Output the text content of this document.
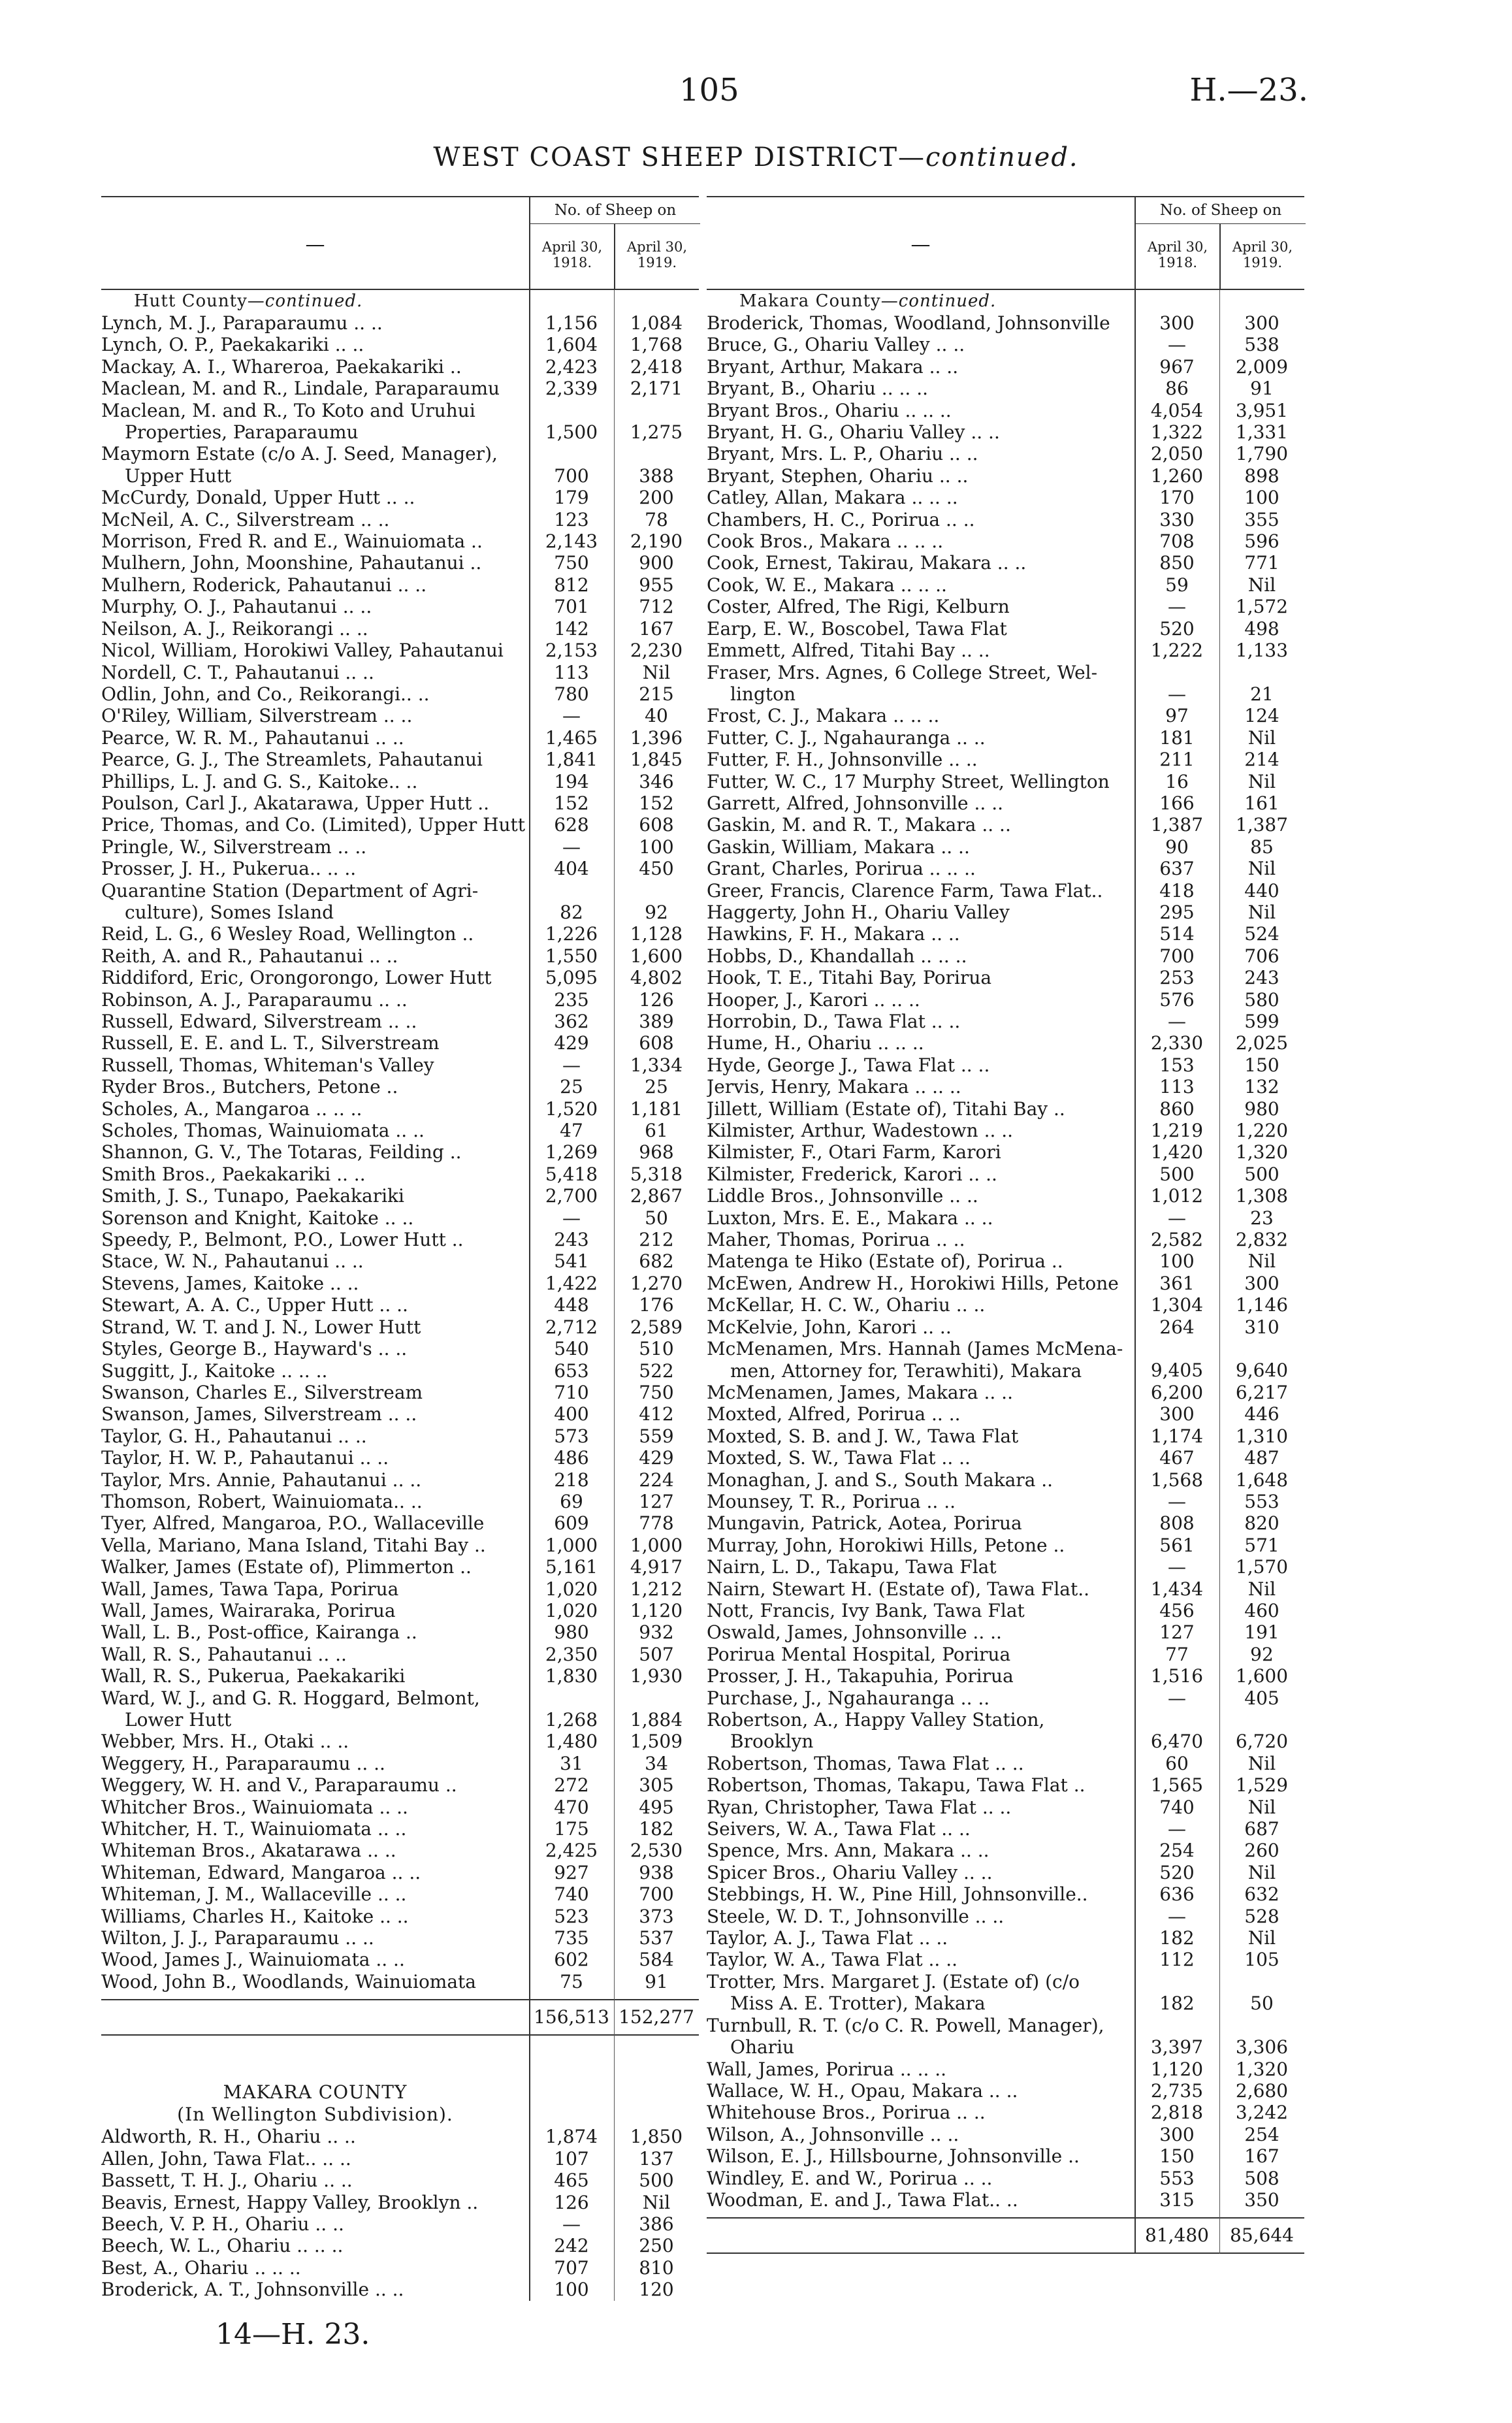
105	H.—23.
WEST COAST SHEEP DISTRICT—continued.
—
No. of Sheep on
April 30, 1918.
April 30, 1919.
Hutt County—continued.
Lynch, M. J., Paraparaumu .. ..	1,156	1,084
Lynch, O. P., Paekakariki .. ..	1,604	1,768
Mackay, A. I., Whareroa, Paekakariki ..	2,423	2,418
Maclean, M. and R., Lindale, Paraparaumu	2,339	2,171
Maclean, M. and R., To Koto and Uruhui
Properties, Paraparaumu	1,500	1,275
Maymorn Estate (c/o A. J. Seed, Manager),
Upper Hutt	700	388
McCurdy, Donald, Upper Hutt .. ..	179	200
McNeil, A. C., Silverstream .. ..	123	78
Morrison, Fred R. and E., Wainuiomata ..	2,143	2,190
Mulhern, John, Moonshine, Pahautanui ..	750	900
Mulhern, Roderick, Pahautanui .. ..	812	955
Murphy, O. J., Pahautanui .. ..	701	712
Neilson, A. J., Reikorangi .. ..	142	167
Nicol, William, Horokiwi Valley, Pahautanui	2,153	2,230
Nordell, C. T., Pahautanui .. ..	113	Nil
Odlin, John, and Co., Reikorangi.. ..	780	215
O'Riley, William, Silverstream .. ..	—	40
Pearce, W. R. M., Pahautanui .. ..	1,465	1,396
Pearce, G. J., The Streamlets, Pahautanui	1,841	1,845
Phillips, L. J. and G. S., Kaitoke.. ..	194	346
Poulson, Carl J., Akatarawa, Upper Hutt ..	152	152
Price, Thomas, and Co. (Limited), Upper Hutt	628	608
Pringle, W., Silverstream .. ..	—	100
Prosser, J. H., Pukerua.. .. ..	404	450
Quarantine Station (Department of Agri-
culture), Somes Island	82	92
Reid, L. G., 6 Wesley Road, Wellington ..	1,226	1,128
Reith, A. and R., Pahautanui .. ..	1,550	1,600
Riddiford, Eric, Orongorongo, Lower Hutt	5,095	4,802
Robinson, A. J., Paraparaumu .. ..	235	126
Russell, Edward, Silverstream .. ..	362	389
Russell, E. E. and L. T., Silverstream	429	608
Russell, Thomas, Whiteman's Valley	—	1,334
Ryder Bros., Butchers, Petone ..	25	25
Scholes, A., Mangaroa .. .. ..	1,520	1,181
Scholes, Thomas, Wainuiomata .. ..	47	61
Shannon, G. V., The Totaras, Feilding ..	1,269	968
Smith Bros., Paekakariki .. ..	5,418	5,318
Smith, J. S., Tunapo, Paekakariki	2,700	2,867
Sorenson and Knight, Kaitoke .. ..	—	50
Speedy, P., Belmont, P.O., Lower Hutt ..	243	212
Stace, W. N., Pahautanui .. ..	541	682
Stevens, James, Kaitoke .. ..	1,422	1,270
Stewart, A. A. C., Upper Hutt .. ..	448	176
Strand, W. T. and J. N., Lower Hutt	2,712	2,589
Styles, George B., Hayward's .. ..	540	510
Suggitt, J., Kaitoke .. .. ..	653	522
Swanson, Charles E., Silverstream	710	750
Swanson, James, Silverstream .. ..	400	412
Taylor, G. H., Pahautanui .. ..	573	559
Taylor, H. W. P., Pahautanui .. ..	486	429
Taylor, Mrs. Annie, Pahautanui .. ..	218	224
Thomson, Robert, Wainuiomata.. ..	69	127
Tyer, Alfred, Mangaroa, P.O., Wallaceville	609	778
Vella, Mariano, Mana Island, Titahi Bay ..	1,000	1,000
Walker, James (Estate of), Plimmerton ..	5,161	4,917
Wall, James, Tawa Tapa, Porirua	1,020	1,212
Wall, James, Wairaraka, Porirua	1,020	1,120
Wall, L. B., Post-office, Kairanga ..	980	932
Wall, R. S., Pahautanui .. ..	2,350	507
Wall, R. S., Pukerua, Paekakariki	1,830	1,930
Ward, W. J., and G. R. Hoggard, Belmont,
Lower Hutt	1,268	1,884
Webber, Mrs. H., Otaki .. ..	1,480	1,509
Weggery, H., Paraparaumu .. ..	31	34
Weggery, W. H. and V., Paraparaumu ..	272	305
Whitcher Bros., Wainuiomata .. ..	470	495
Whitcher, H. T., Wainuiomata .. ..	175	182
Whiteman Bros., Akatarawa .. ..	2,425	2,530
Whiteman, Edward, Mangaroa .. ..	927	938
Whiteman, J. M., Wallaceville .. ..	740	700
Williams, Charles H., Kaitoke .. ..	523	373
Wilton, J. J., Paraparaumu .. ..	735	537
Wood, James J., Wainuiomata .. ..	602	584
Wood, John B., Woodlands, Wainuiomata	75	91
156,513 152,277
MAKARA COUNTY
(In Wellington Subdivision).
Aldworth, R. H., Ohariu .. ..	1,874	1,850
Allen, John, Tawa Flat.. .. ..	107	137
Bassett, T. H. J., Ohariu .. ..	465	500
Beavis, Ernest, Happy Valley, Brooklyn ..	126	Nil
Beech, V. P. H., Ohariu .. ..	—	386
Beech, W. L., Ohariu .. .. ..	242	250
Best, A., Ohariu .. .. ..	707	810
Broderick, A. T., Johnsonville .. ..	100	120
—
No. of Sheep on
April 30, 1918.
April 30, 1919.
Makara County—continued.
Broderick, Thomas, Woodland, Johnsonville	300	300
Bruce, G., Ohariu Valley .. ..	—	538
Bryant, Arthur, Makara .. ..	967	2,009
Bryant, B., Ohariu .. .. ..	86	91
Bryant Bros., Ohariu .. .. ..	4,054	3,951
Bryant, H. G., Ohariu Valley .. ..	1,322	1,331
Bryant, Mrs. L. P., Ohariu .. ..	2,050	1,790
Bryant, Stephen, Ohariu .. ..	1,260	898
Catley, Allan, Makara .. .. ..	170	100
Chambers, H. C., Porirua .. ..	330	355
Cook Bros., Makara .. .. ..	708	596
Cook, Ernest, Takirau, Makara .. ..	850	771
Cook, W. E., Makara .. .. ..	59	Nil
Coster, Alfred, The Rigi, Kelburn	—	1,572
Earp, E. W., Boscobel, Tawa Flat	520	498
Emmett, Alfred, Titahi Bay .. ..	1,222	1,133
Fraser, Mrs. Agnes, 6 College Street, Wel-
lington	—	21
Frost, C. J., Makara .. .. ..	97	124
Futter, C. J., Ngahauranga .. ..	181	Nil
Futter, F. H., Johnsonville .. ..	211	214
Futter, W. C., 17 Murphy Street, Wellington	16	Nil
Garrett, Alfred, Johnsonville .. ..	166	161
Gaskin, M. and R. T., Makara .. ..	1,387	1,387
Gaskin, William, Makara .. ..	90	85
Grant, Charles, Porirua .. .. ..	637	Nil
Greer, Francis, Clarence Farm, Tawa Flat..	418	440
Haggerty, John H., Ohariu Valley	295	Nil
Hawkins, F. H., Makara .. ..	514	524
Hobbs, D., Khandallah .. .. ..	700	706
Hook, T. E., Titahi Bay, Porirua	253	243
Hooper, J., Karori .. .. ..	576	580
Horrobin, D., Tawa Flat .. ..	—	599
Hume, H., Ohariu .. .. ..	2,330	2,025
Hyde, George J., Tawa Flat .. ..	153	150
Jervis, Henry, Makara .. .. ..	113	132
Jillett, William (Estate of), Titahi Bay ..	860	980
Kilmister, Arthur, Wadestown .. ..	1,219	1,220
Kilmister, F., Otari Farm, Karori	1,420	1,320
Kilmister, Frederick, Karori .. ..	500	500
Liddle Bros., Johnsonville .. ..	1,012	1,308
Luxton, Mrs. E. E., Makara .. ..	—	23
Maher, Thomas, Porirua .. ..	2,582	2,832
Matenga te Hiko (Estate of), Porirua ..	100	Nil
McEwen, Andrew H., Horokiwi Hills, Petone	361	300
McKellar, H. C. W., Ohariu .. ..	1,304	1,146
McKelvie, John, Karori .. ..	264	310
McMenamen, Mrs. Hannah (James McMena-
men, Attorney for, Terawhiti), Makara	9,405	9,640
McMenamen, James, Makara .. ..	6,200	6,217
Moxted, Alfred, Porirua .. ..	300	446
Moxted, S. B. and J. W., Tawa Flat	1,174	1,310
Moxted, S. W., Tawa Flat .. ..	467	487
Monaghan, J. and S., South Makara ..	1,568	1,648
Mounsey, T. R., Porirua .. ..	—	553
Mungavin, Patrick, Aotea, Porirua	808	820
Murray, John, Horokiwi Hills, Petone ..	561	571
Nairn, L. D., Takapu, Tawa Flat	—	1,570
Nairn, Stewart H. (Estate of), Tawa Flat..	1,434	Nil
Nott, Francis, Ivy Bank, Tawa Flat	456	460
Oswald, James, Johnsonville .. ..	127	191
Porirua Mental Hospital, Porirua	77	92
Prosser, J. H., Takapuhia, Porirua	1,516	1,600
Purchase, J., Ngahauranga .. ..	—	405
Robertson, A., Happy Valley Station,
Brooklyn	6,470	6,720
Robertson, Thomas, Tawa Flat .. ..	60	Nil
Robertson, Thomas, Takapu, Tawa Flat ..	1,565	1,529
Ryan, Christopher, Tawa Flat .. ..	740	Nil
Seivers, W. A., Tawa Flat .. ..	—	687
Spence, Mrs. Ann, Makara .. ..	254	260
Spicer Bros., Ohariu Valley .. ..	520	Nil
Stebbings, H. W., Pine Hill, Johnsonville..	636	632
Steele, W. D. T., Johnsonville .. ..	—	528
Taylor, A. J., Tawa Flat .. ..	182	Nil
Taylor, W. A., Tawa Flat .. ..	112	105
Trotter, Mrs. Margaret J. (Estate of) (c/o
Miss A. E. Trotter), Makara	182	50
Turnbull, R. T. (c/o C. R. Powell, Manager),
Ohariu	3,397	3,306
Wall, James, Porirua .. .. ..	1,120	1,320
Wallace, W. H., Opau, Makara .. ..	2,735	2,680
Whitehouse Bros., Porirua .. ..	2,818	3,242
Wilson, A., Johnsonville .. ..	300	254
Wilson, E. J., Hillsbourne, Johnsonville ..	150	167
Windley, E. and W., Porirua .. ..	553	508
Woodman, E. and J., Tawa Flat.. ..	315	350
81,480	85,644
14—H. 23.
